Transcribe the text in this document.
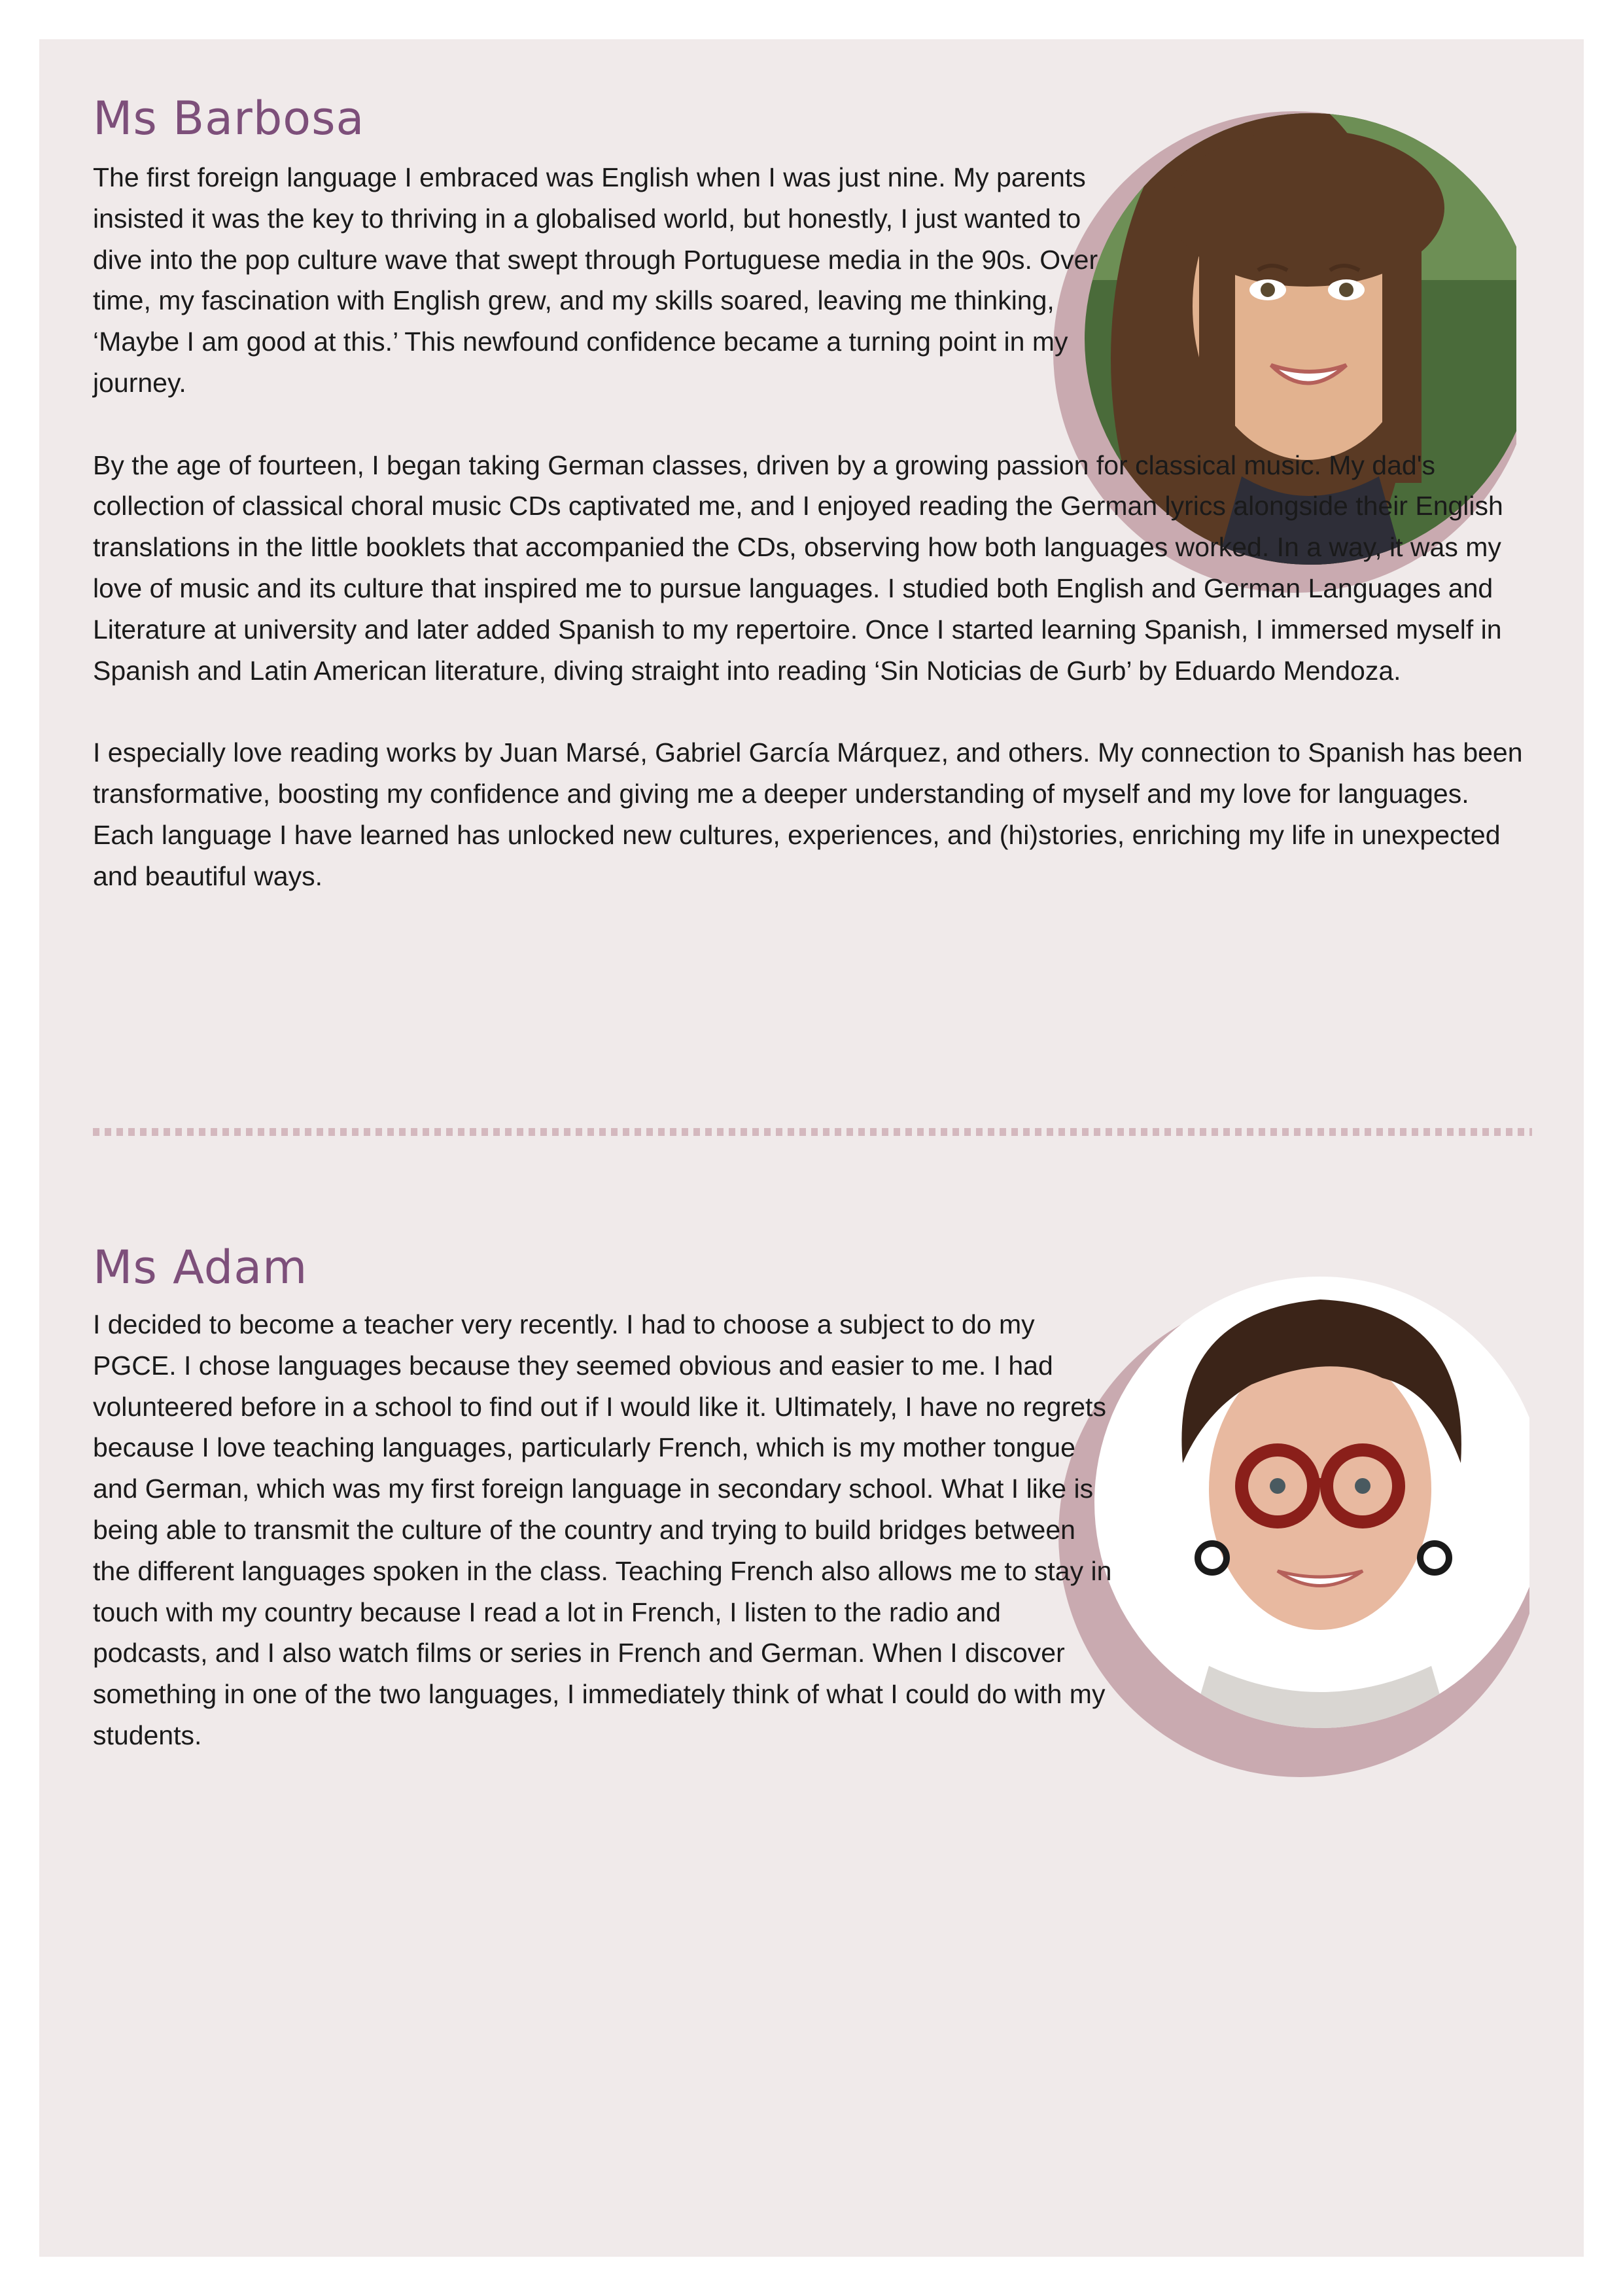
Ms Barbosa

The first foreign language I embraced was English when I was just nine. My parents insisted it was the key to thriving in a globalised world, but honestly, I just wanted to dive into the pop culture wave that swept through Portuguese media in the 90s. Over time, my fascination with English grew, and my skills soared, leaving me thinking, ‘Maybe I am good at this.’ This newfound confidence became a turning point in my journey.

By the age of fourteen, I began taking German classes, driven by a growing passion for classical music. My dad's collection of classical choral music CDs captivated me, and I enjoyed reading the German lyrics alongside their English translations in the little booklets that accompanied the CDs, observing how both languages worked. In a way, it was my love of music and its culture that inspired me to pursue languages. I studied both English and German Languages and Literature at university and later added Spanish to my repertoire. Once I started learning Spanish, I immersed myself in Spanish and Latin American literature, diving straight into reading ‘Sin Noticias de Gurb’ by Eduardo Mendoza.

I especially love reading works by Juan Marsé, Gabriel García Márquez, and others. My connection to Spanish has been transformative, boosting my confidence and giving me a deeper understanding of myself and my love for languages. Each language I have learned has unlocked new cultures, experiences, and (hi)stories, enriching my life in unexpected and beautiful ways.

Ms Adam

I decided to become a teacher very recently. I had to choose a subject to do my PGCE. I chose languages because they seemed obvious and easier to me. I had volunteered before in a school to find out if I would like it. Ultimately, I have no regrets because I love teaching languages, particularly French, which is my mother tongue and German, which was my first foreign language in secondary school. What I like is being able to transmit the culture of the country and trying to build bridges between the different languages spoken in the class. Teaching French also allows me to stay in touch with my country because I read a lot in French, I listen to the radio and podcasts, and I also watch films or series in French and German. When I discover something in one of the two languages, I immediately think of what I could do with my students.
